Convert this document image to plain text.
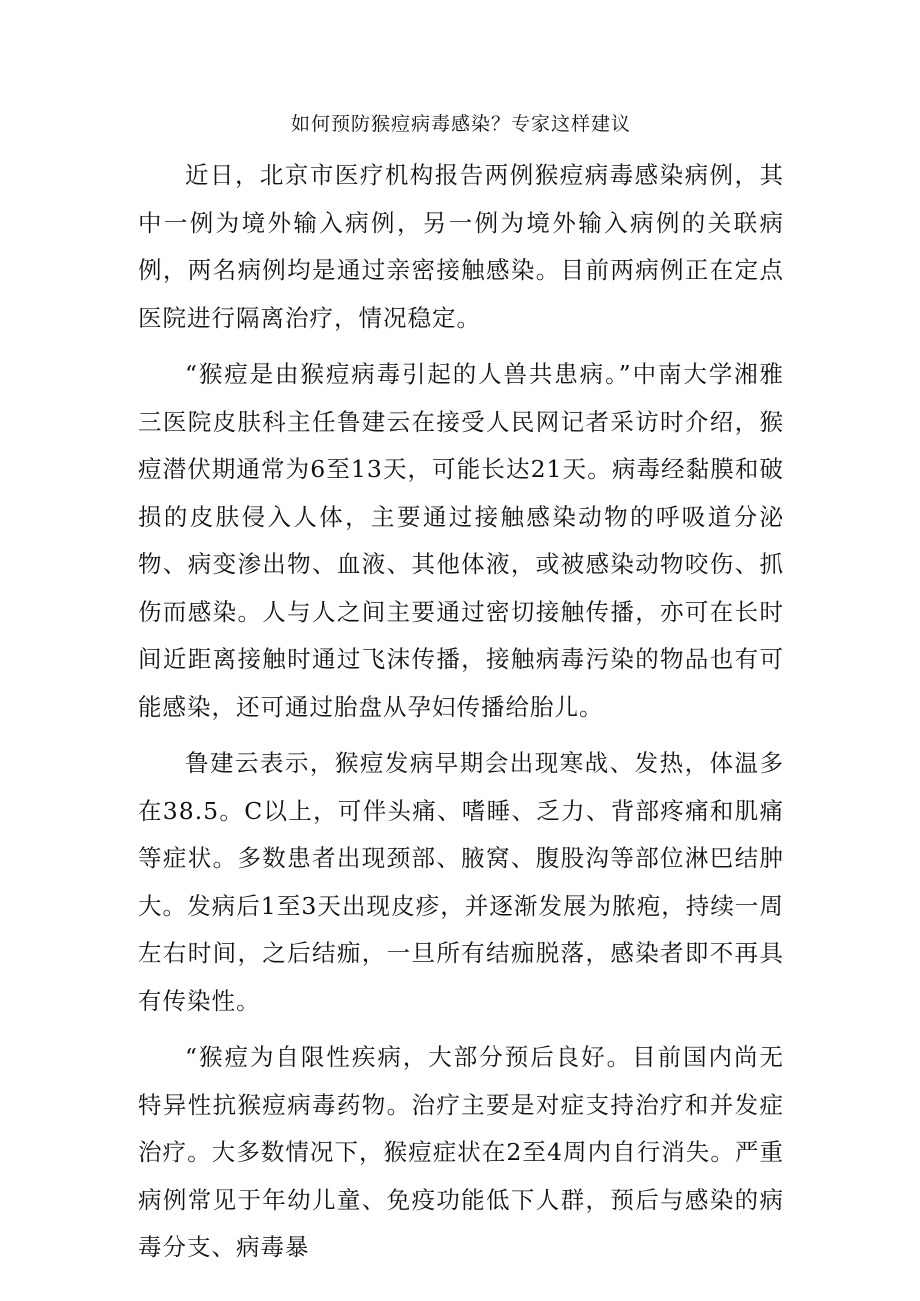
如何预防猴痘病毒感染？专家这样建议

近日，北京市医疗机构报告两例猴痘病毒感染病例，其中一例为境外输入病例，另一例为境外输入病例的关联病例，两名病例均是通过亲密接触感染。目前两病例正在定点医院进行隔离治疗，情况稳定。

“猴痘是由猴痘病毒引起的人兽共患病。”中南大学湘雅三医院皮肤科主任鲁建云在接受人民网记者采访时介绍，猴痘潜伏期通常为6至13天，可能长达21天。病毒经黏膜和破损的皮肤侵入人体，主要通过接触感染动物的呼吸道分泌物、病变渗出物、血液、其他体液，或被感染动物咬伤、抓伤而感染。人与人之间主要通过密切接触传播，亦可在长时间近距离接触时通过飞沫传播，接触病毒污染的物品也有可能感染，还可通过胎盘从孕妇传播给胎儿。

鲁建云表示，猴痘发病早期会出现寒战、发热，体温多在38.5。C以上，可伴头痛、嗜睡、乏力、背部疼痛和肌痛等症状。多数患者出现颈部、腋窝、腹股沟等部位淋巴结肿大。发病后1至3天出现皮疹，并逐渐发展为脓疱，持续一周左右时间，之后结痂，一旦所有结痂脱落，感染者即不再具有传染性。

“猴痘为自限性疾病，大部分预后良好。目前国内尚无特异性抗猴痘病毒药物。治疗主要是对症支持治疗和并发症治疗。大多数情况下，猴痘症状在2至4周内自行消失。严重病例常见于年幼儿童、免疫功能低下人群，预后与感染的病毒分支、病毒暴
